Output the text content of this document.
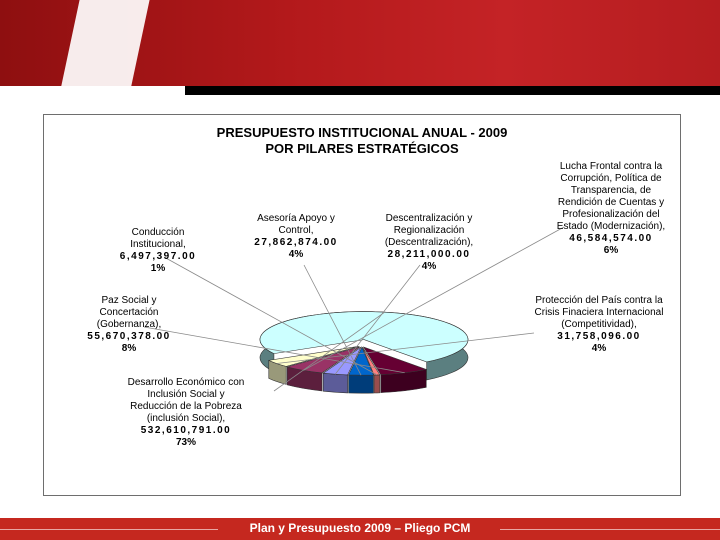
PRESUPUESTO INSTITUCIONAL ANUAL - 2009
POR PILARES ESTRATÉGICOS
Conducción Institucional,
6,497,397.00
1%
Asesoría Apoyo y Control,
27,862,874.00
4%
Descentralización y Regionalización (Descentralización),
28,211,000.00
4%
Lucha Frontal contra la Corrupción, Política de Transparencia, de Rendición de Cuentas y Profesionalización del Estado (Modernización),
46,584,574.00
6%
Paz Social y Concertación (Gobernanza),
55,670,378.00
8%
Protección del País contra la Crisis Finaciera Internacional (Competitividad),
31,758,096.00
4%
Desarrollo Económico con Inclusión Social y Reducción de la Pobreza (inclusión Social),
532,610,791.00
73%
Plan y Presupuesto 2009 – Pliego PCM
